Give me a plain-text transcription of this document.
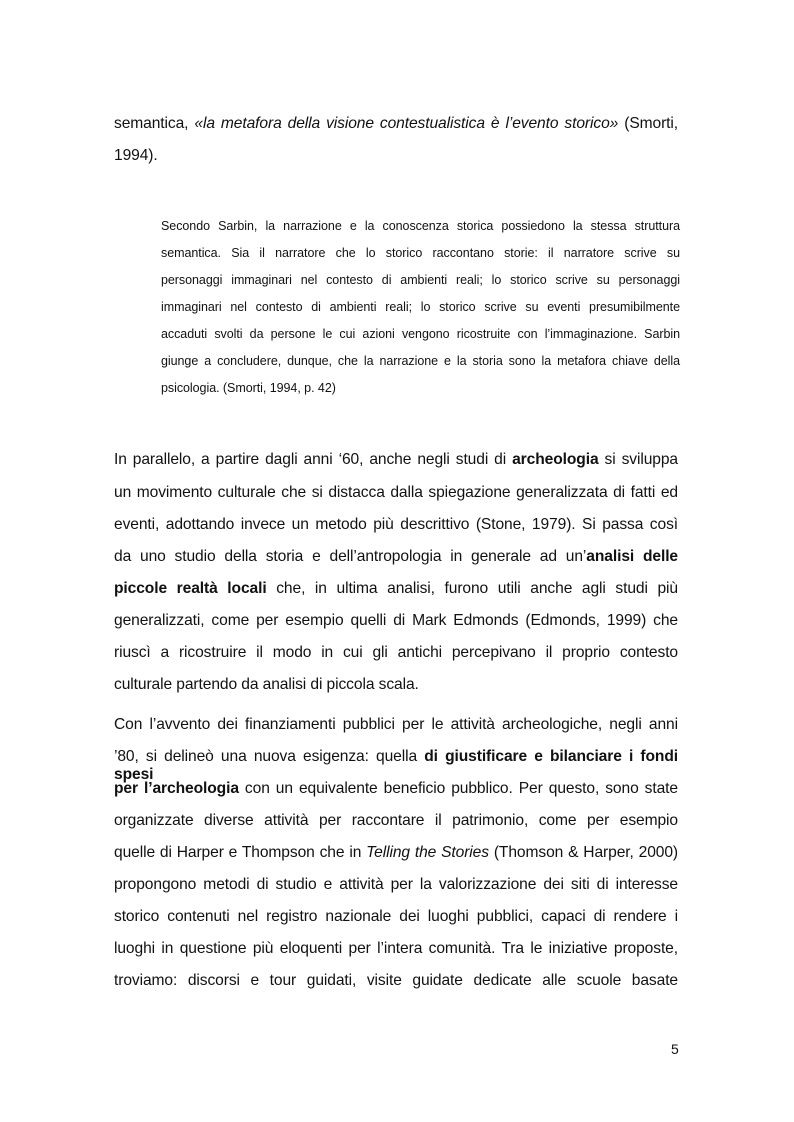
semantica, «la metafora della visione contestualistica è l’evento storico» (Smorti,
1994).
Secondo Sarbin, la narrazione e la conoscenza storica possiedono la stessa struttura
semantica. Sia il narratore che lo storico raccontano storie: il narratore scrive su
personaggi immaginari nel contesto di ambienti reali; lo storico scrive su personaggi
immaginari nel contesto di ambienti reali; lo storico scrive su eventi presumibilmente
accaduti svolti da persone le cui azioni vengono ricostruite con l’immaginazione. Sarbin
giunge a concludere, dunque, che la narrazione e la storia sono la metafora chiave della
psicologia. (Smorti, 1994, p. 42)
In parallelo, a partire dagli anni ‘60, anche negli studi di archeologia si sviluppa
un movimento culturale che si distacca dalla spiegazione generalizzata di fatti ed
eventi, adottando invece un metodo più descrittivo (Stone, 1979). Si passa così
da uno studio della storia e dell’antropologia in generale ad un’analisi delle
piccole realtà locali che, in ultima analisi, furono utili anche agli studi più
generalizzati, come per esempio quelli di Mark Edmonds (Edmonds, 1999) che
riuscì a ricostruire il modo in cui gli antichi percepivano il proprio contesto
culturale partendo da analisi di piccola scala.
Con l’avvento dei finanziamenti pubblici per le attività archeologiche, negli anni
’80, si delineò una nuova esigenza: quella di giustificare e bilanciare i fondi spesi
per l’archeologia con un equivalente beneficio pubblico. Per questo, sono state
organizzate diverse attività per raccontare il patrimonio, come per esempio
quelle di Harper e Thompson che in Telling the Stories (Thomson & Harper, 2000)
propongono metodi di studio e attività per la valorizzazione dei siti di interesse
storico contenuti nel registro nazionale dei luoghi pubblici, capaci di rendere i
luoghi in questione più eloquenti per l’intera comunità. Tra le iniziative proposte,
troviamo: discorsi e tour guidati, visite guidate dedicate alle scuole basate
5
